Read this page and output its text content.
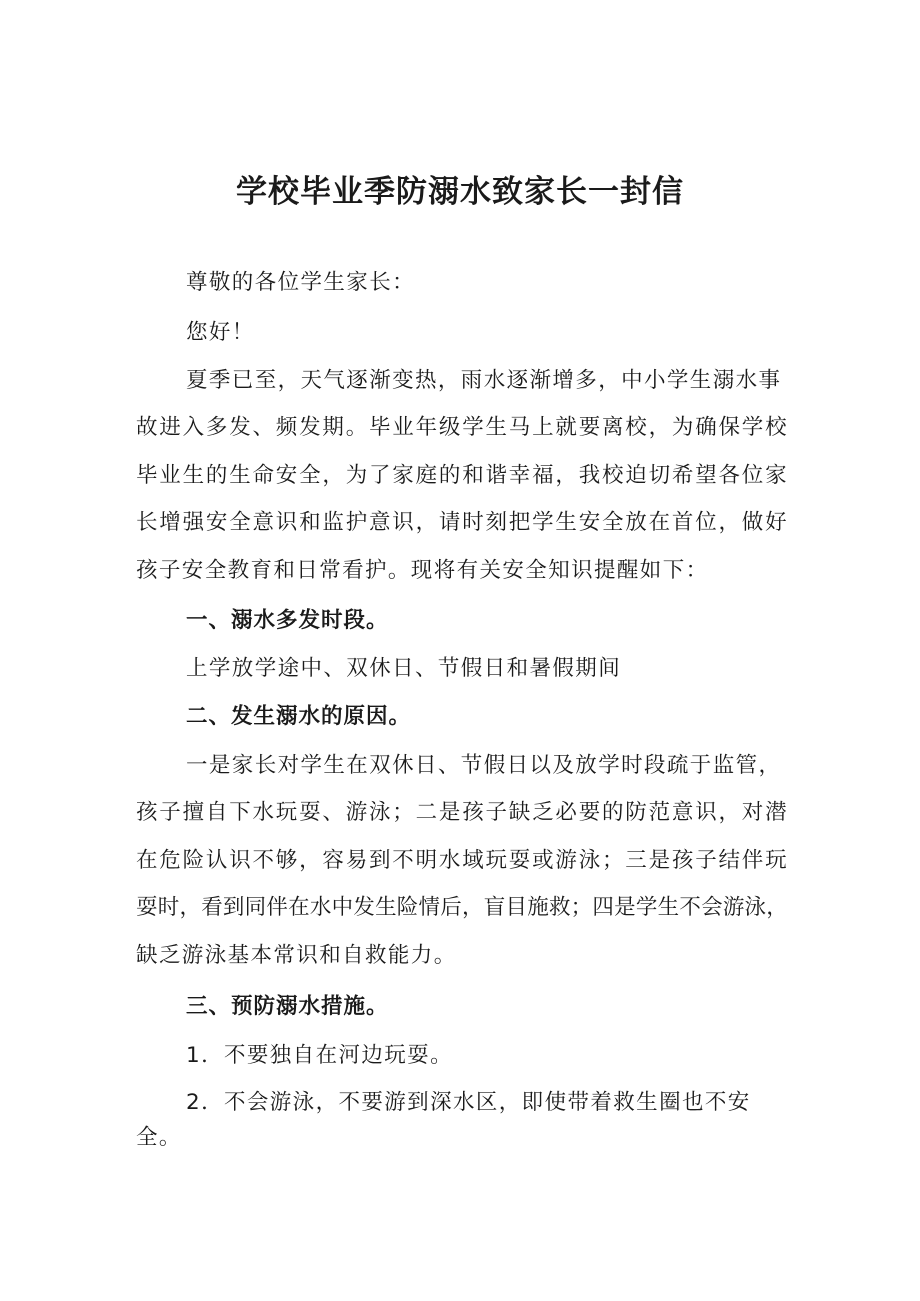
学校毕业季防溺水致家长一封信

尊敬的各位学生家长：

您好！

夏季已至，天气逐渐变热，雨水逐渐增多，中小学生溺水事

故进入多发、频发期。毕业年级学生马上就要离校，为确保学校

毕业生的生命安全，为了家庭的和谐幸福，我校迫切希望各位家

长增强安全意识和监护意识，请时刻把学生安全放在首位，做好

孩子安全教育和日常看护。现将有关安全知识提醒如下：

一、溺水多发时段。

上学放学途中、双休日、节假日和暑假期间

二、发生溺水的原因。

一是家长对学生在双休日、节假日以及放学时段疏于监管，

孩子擅自下水玩耍、游泳；二是孩子缺乏必要的防范意识，对潜

在危险认识不够，容易到不明水域玩耍或游泳；三是孩子结伴玩

耍时，看到同伴在水中发生险情后，盲目施救；四是学生不会游泳，

缺乏游泳基本常识和自救能力。

三、预防溺水措施。

1．不要独自在河边玩耍。

2．不会游泳，不要游到深水区，即使带着救生圈也不安

全。
